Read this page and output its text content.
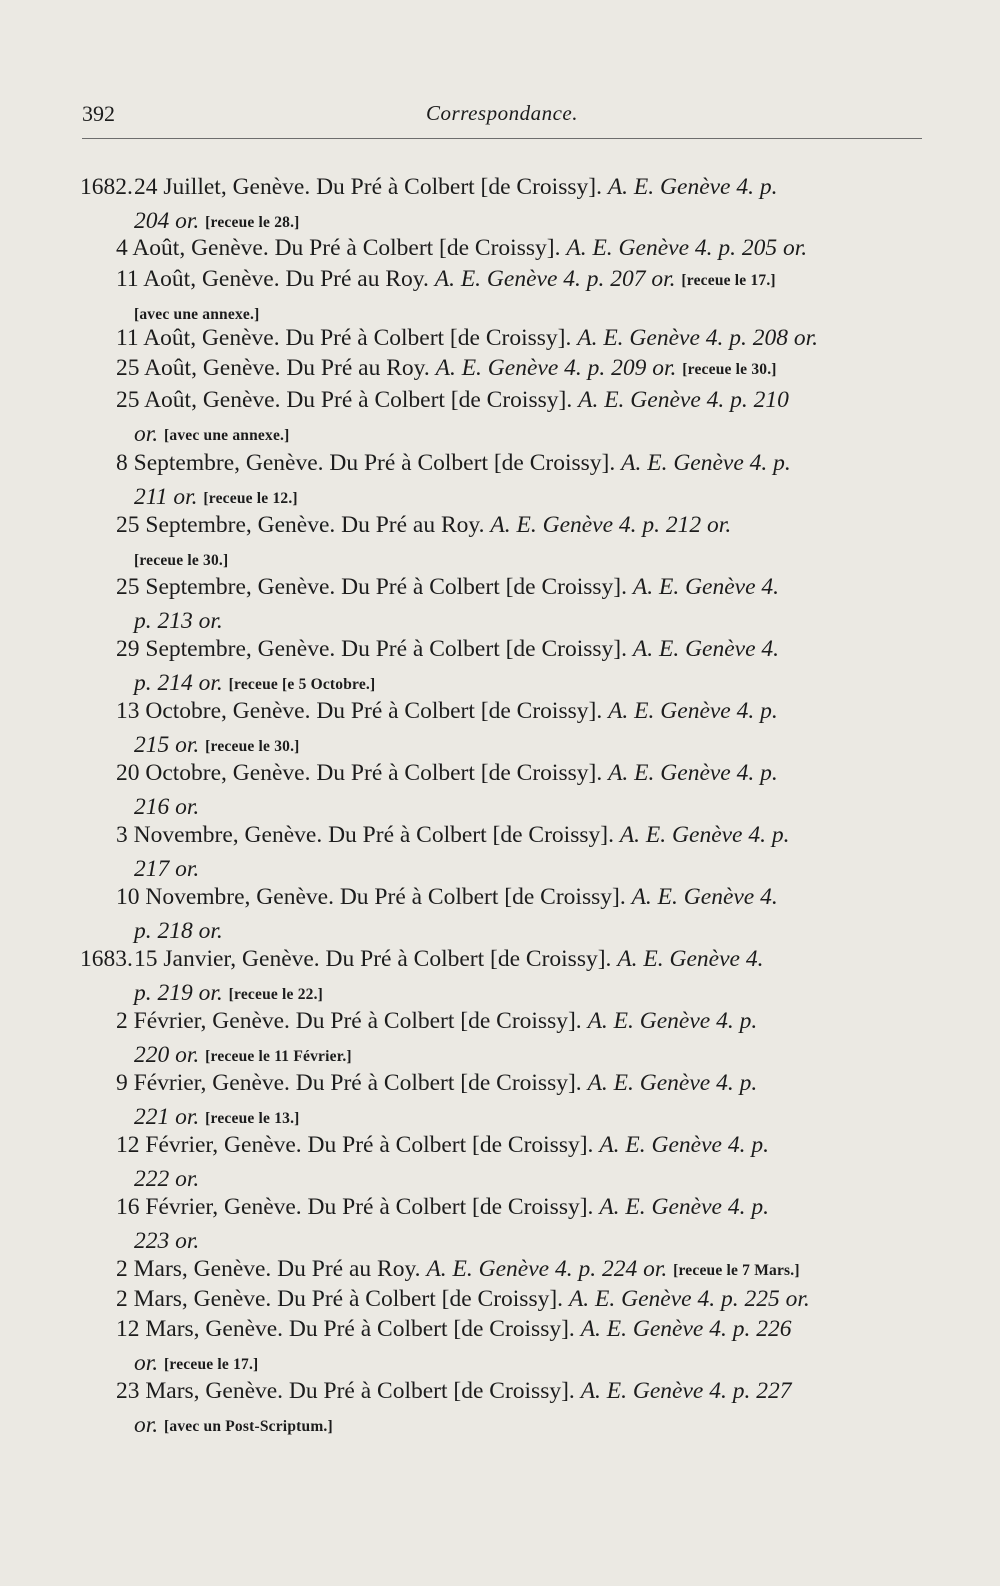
392	Correspondance.
1682.24 Juillet, Genève. Du Pré à Colbert [de Croissy]. A. E. Genève 4. p.
204 or. [receue le 28.]
4 Août, Genève. Du Pré à Colbert [de Croissy]. A. E. Genève 4. p. 205 or.
11 Août, Genève. Du Pré au Roy. A. E. Genève 4. p. 207 or. [receue le 17.]
[avec une annexe.]
11 Août, Genève. Du Pré à Colbert [de Croissy]. A. E. Genève 4. p. 208 or.
25 Août, Genève. Du Pré au Roy. A. E. Genève 4. p. 209 or. [receue le 30.]
25 Août, Genève. Du Pré à Colbert [de Croissy]. A. E. Genève 4. p. 210
or. [avec une annexe.]
8 Septembre, Genève. Du Pré à Colbert [de Croissy]. A. E. Genève 4. p.
211 or. [receue le 12.]
25 Septembre, Genève. Du Pré au Roy. A. E. Genève 4. p. 212 or.
[receue le 30.]
25 Septembre, Genève. Du Pré à Colbert [de Croissy]. A. E. Genève 4.
p. 213 or.
29 Septembre, Genève. Du Pré à Colbert [de Croissy]. A. E. Genève 4.
p. 214 or. [receue [e 5 Octobre.]
13 Octobre, Genève. Du Pré à Colbert [de Croissy]. A. E. Genève 4. p.
215 or. [receue le 30.]
20 Octobre, Genève. Du Pré à Colbert [de Croissy]. A. E. Genève 4. p.
216 or.
3 Novembre, Genève. Du Pré à Colbert [de Croissy]. A. E. Genève 4. p.
217 or.
10 Novembre, Genève. Du Pré à Colbert [de Croissy]. A. E. Genève 4.
p. 218 or.
1683.15 Janvier, Genève. Du Pré à Colbert [de Croissy]. A. E. Genève 4.
p. 219 or. [receue le 22.]
2 Février, Genève. Du Pré à Colbert [de Croissy]. A. E. Genève 4. p.
220 or. [receue le 11 Février.]
9 Février, Genève. Du Pré à Colbert [de Croissy]. A. E. Genève 4. p.
221 or. [receue le 13.]
12 Février, Genève. Du Pré à Colbert [de Croissy]. A. E. Genève 4. p.
222 or.
16 Février, Genève. Du Pré à Colbert [de Croissy]. A. E. Genève 4. p.
223 or.
2 Mars, Genève. Du Pré au Roy. A. E. Genève 4. p. 224 or. [receue le 7 Mars.]
2 Mars, Genève. Du Pré à Colbert [de Croissy]. A. E. Genève 4. p. 225 or.
12 Mars, Genève. Du Pré à Colbert [de Croissy]. A. E. Genève 4. p. 226
or. [receue le 17.]
23 Mars, Genève. Du Pré à Colbert [de Croissy]. A. E. Genève 4. p. 227
or. [avec un Post-Scriptum.]
